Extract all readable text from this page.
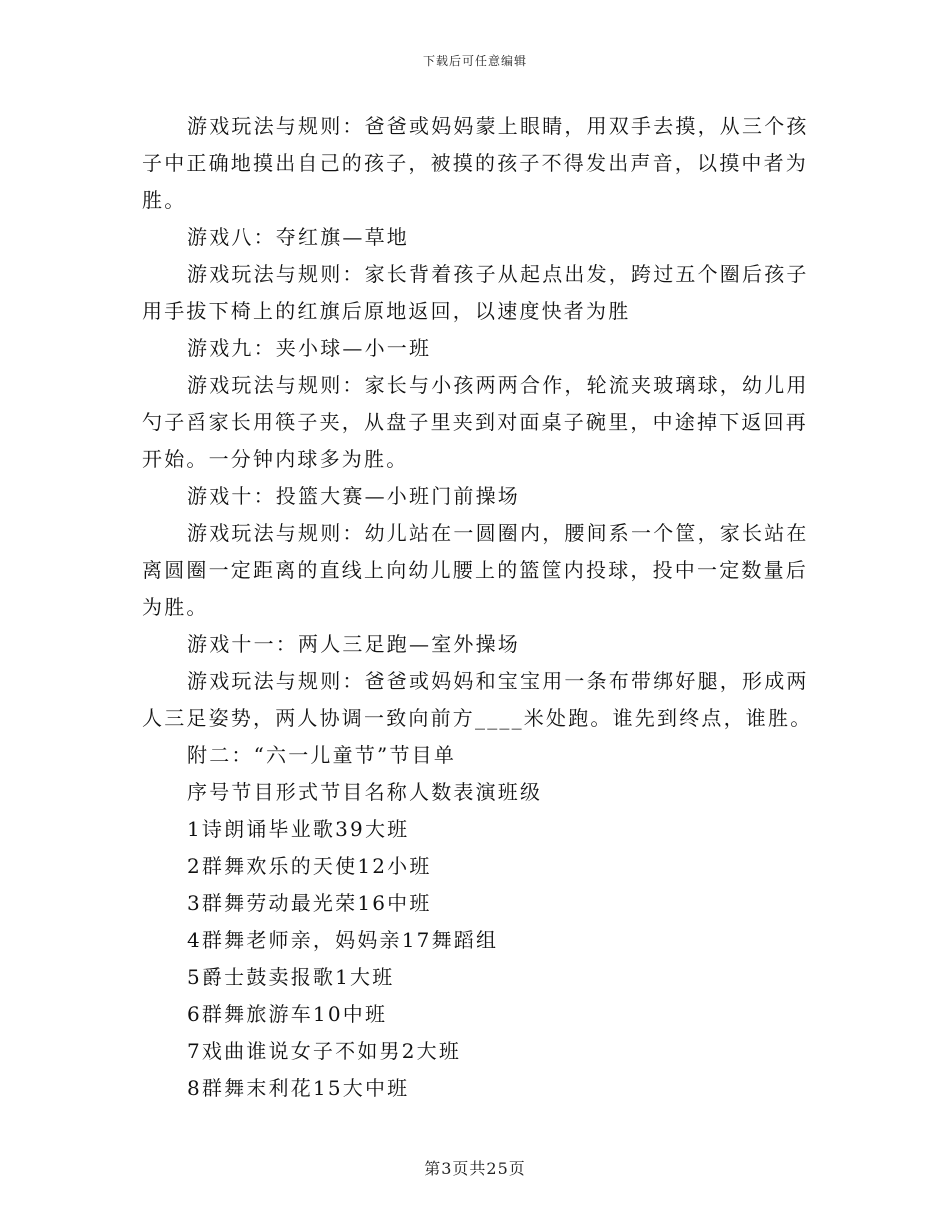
下载后可任意编辑
游戏玩法与规则：爸爸或妈妈蒙上眼睛，用双手去摸，从三个孩
子中正确地摸出自己的孩子，被摸的孩子不得发出声音，以摸中者为
胜。
游戏八：夺红旗—草地
游戏玩法与规则：家长背着孩子从起点出发，跨过五个圈后孩子
用手拔下椅上的红旗后原地返回，以速度快者为胜
游戏九：夹小球—小一班
游戏玩法与规则：家长与小孩两两合作，轮流夹玻璃球，幼儿用
勺子舀家长用筷子夹，从盘子里夹到对面桌子碗里，中途掉下返回再
开始。一分钟内球多为胜。
游戏十：投篮大赛—小班门前操场
游戏玩法与规则：幼儿站在一圆圈内，腰间系一个筐，家长站在
离圆圈一定距离的直线上向幼儿腰上的篮筐内投球，投中一定数量后
为胜。
游戏十一：两人三足跑—室外操场
游戏玩法与规则：爸爸或妈妈和宝宝用一条布带绑好腿，形成两
人三足姿势，两人协调一致向前方____米处跑。谁先到终点，谁胜。
附二：“六一儿童节”节目单
序号节目形式节目名称人数表演班级
1诗朗诵毕业歌39大班
2群舞欢乐的天使12小班
3群舞劳动最光荣16中班
4群舞老师亲，妈妈亲17舞蹈组
5爵士鼓卖报歌1大班
6群舞旅游车10中班
7戏曲谁说女子不如男2大班
8群舞末利花15大中班
第3页共25页
